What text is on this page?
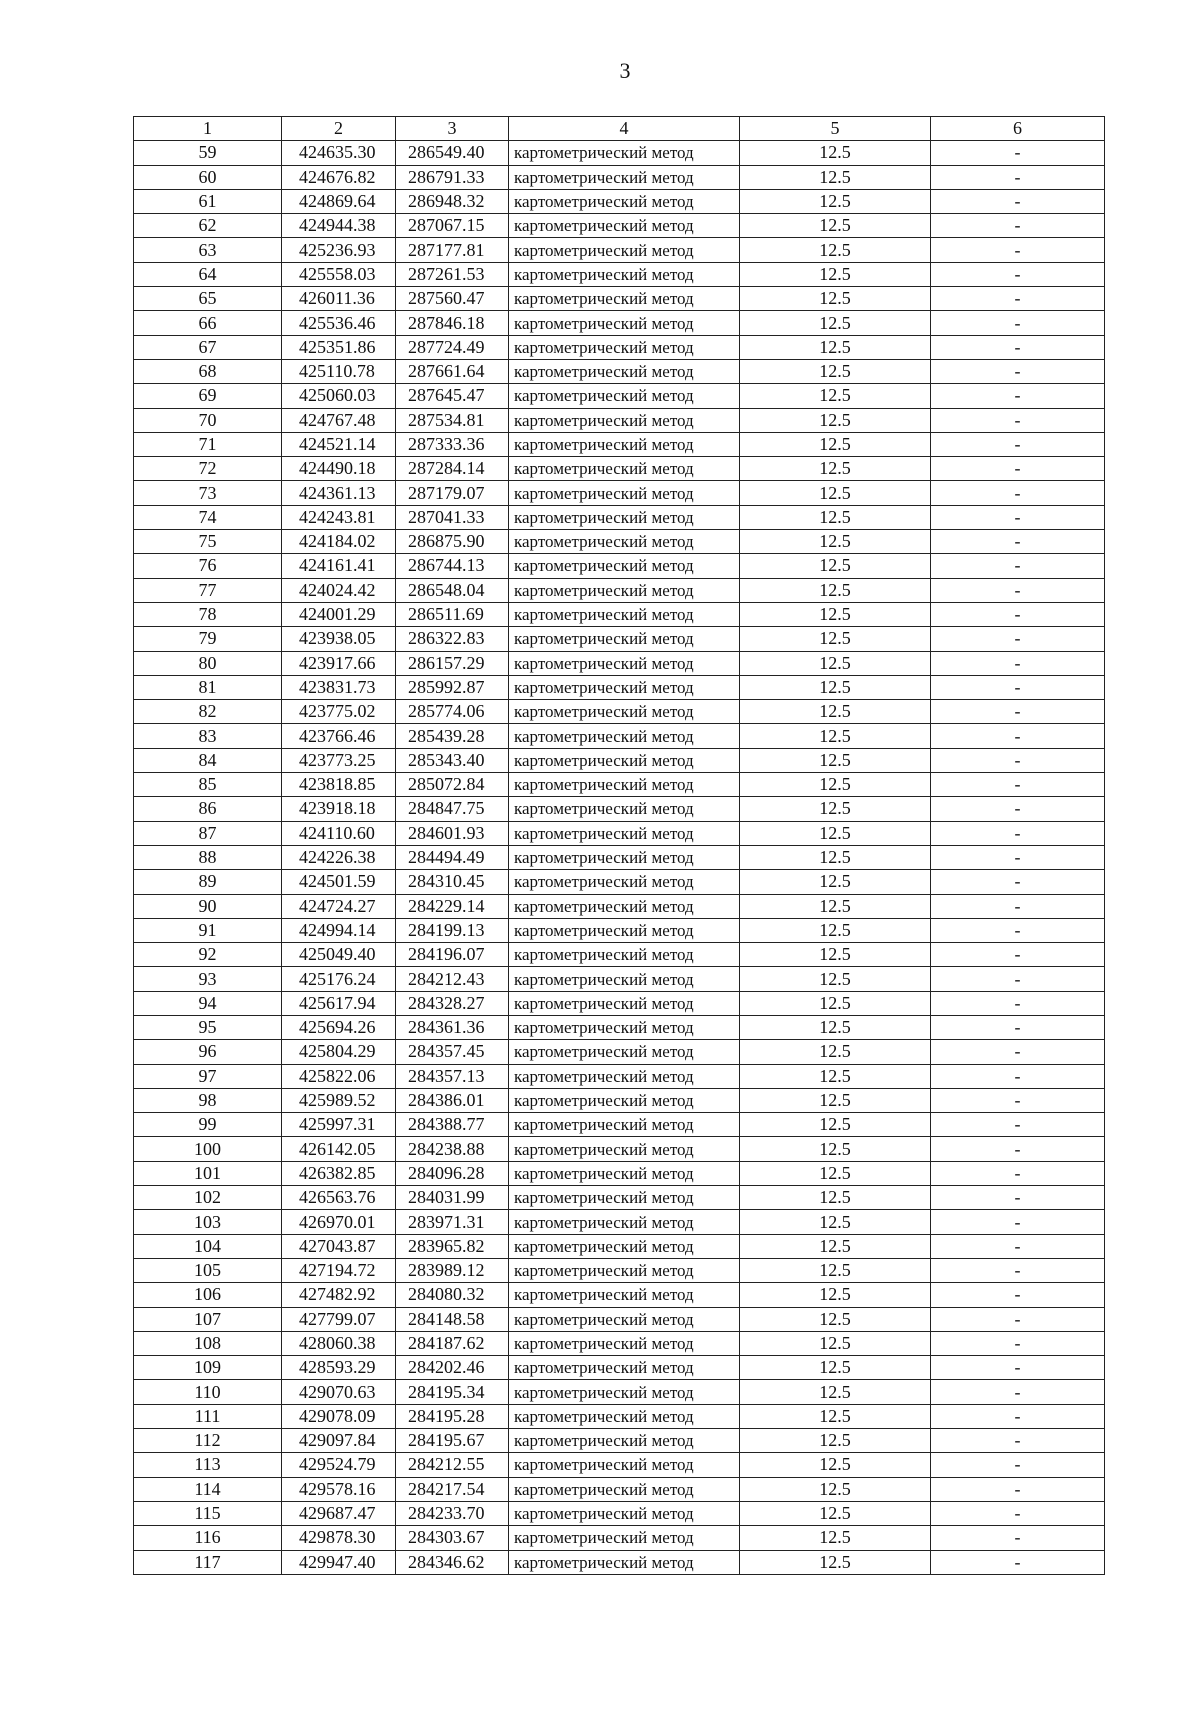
3
1	2	3	4	5	6
59	424635.30	286549.40	картометрический метод	12.5	-
60	424676.82	286791.33	картометрический метод	12.5	-
61	424869.64	286948.32	картометрический метод	12.5	-
62	424944.38	287067.15	картометрический метод	12.5	-
63	425236.93	287177.81	картометрический метод	12.5	-
64	425558.03	287261.53	картометрический метод	12.5	-
65	426011.36	287560.47	картометрический метод	12.5	-
66	425536.46	287846.18	картометрический метод	12.5	-
67	425351.86	287724.49	картометрический метод	12.5	-
68	425110.78	287661.64	картометрический метод	12.5	-
69	425060.03	287645.47	картометрический метод	12.5	-
70	424767.48	287534.81	картометрический метод	12.5	-
71	424521.14	287333.36	картометрический метод	12.5	-
72	424490.18	287284.14	картометрический метод	12.5	-
73	424361.13	287179.07	картометрический метод	12.5	-
74	424243.81	287041.33	картометрический метод	12.5	-
75	424184.02	286875.90	картометрический метод	12.5	-
76	424161.41	286744.13	картометрический метод	12.5	-
77	424024.42	286548.04	картометрический метод	12.5	-
78	424001.29	286511.69	картометрический метод	12.5	-
79	423938.05	286322.83	картометрический метод	12.5	-
80	423917.66	286157.29	картометрический метод	12.5	-
81	423831.73	285992.87	картометрический метод	12.5	-
82	423775.02	285774.06	картометрический метод	12.5	-
83	423766.46	285439.28	картометрический метод	12.5	-
84	423773.25	285343.40	картометрический метод	12.5	-
85	423818.85	285072.84	картометрический метод	12.5	-
86	423918.18	284847.75	картометрический метод	12.5	-
87	424110.60	284601.93	картометрический метод	12.5	-
88	424226.38	284494.49	картометрический метод	12.5	-
89	424501.59	284310.45	картометрический метод	12.5	-
90	424724.27	284229.14	картометрический метод	12.5	-
91	424994.14	284199.13	картометрический метод	12.5	-
92	425049.40	284196.07	картометрический метод	12.5	-
93	425176.24	284212.43	картометрический метод	12.5	-
94	425617.94	284328.27	картометрический метод	12.5	-
95	425694.26	284361.36	картометрический метод	12.5	-
96	425804.29	284357.45	картометрический метод	12.5	-
97	425822.06	284357.13	картометрический метод	12.5	-
98	425989.52	284386.01	картометрический метод	12.5	-
99	425997.31	284388.77	картометрический метод	12.5	-
100	426142.05	284238.88	картометрический метод	12.5	-
101	426382.85	284096.28	картометрический метод	12.5	-
102	426563.76	284031.99	картометрический метод	12.5	-
103	426970.01	283971.31	картометрический метод	12.5	-
104	427043.87	283965.82	картометрический метод	12.5	-
105	427194.72	283989.12	картометрический метод	12.5	-
106	427482.92	284080.32	картометрический метод	12.5	-
107	427799.07	284148.58	картометрический метод	12.5	-
108	428060.38	284187.62	картометрический метод	12.5	-
109	428593.29	284202.46	картометрический метод	12.5	-
110	429070.63	284195.34	картометрический метод	12.5	-
111	429078.09	284195.28	картометрический метод	12.5	-
112	429097.84	284195.67	картометрический метод	12.5	-
113	429524.79	284212.55	картометрический метод	12.5	-
114	429578.16	284217.54	картометрический метод	12.5	-
115	429687.47	284233.70	картометрический метод	12.5	-
116	429878.30	284303.67	картометрический метод	12.5	-
117	429947.40	284346.62	картометрический метод	12.5	-
